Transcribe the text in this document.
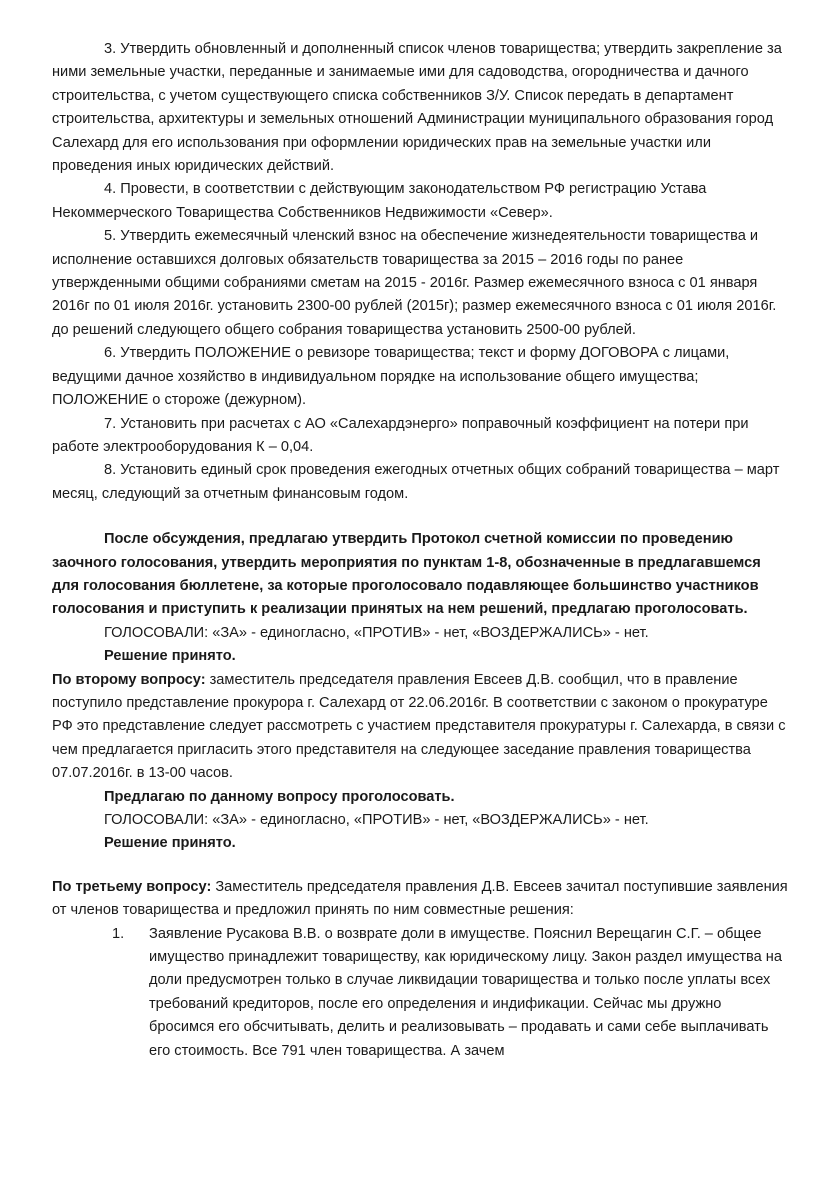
3. Утвердить обновленный и дополненный список членов товарищества; утвердить закрепление за ними земельные участки, переданные и занимаемые ими для садоводства, огородничества и дачного строительства, с учетом существующего списка собственников З/У. Список передать в департамент строительства, архитектуры и земельных отношений Администрации муниципального образования город Салехард для его использования при оформлении юридических прав на земельные участки или проведения иных юридических действий.

4. Провести, в соответствии с действующим законодательством РФ регистрацию Устава Некоммерческого Товарищества Собственников Недвижимости «Север».

5. Утвердить ежемесячный членский взнос на обеспечение жизнедеятельности товарищества и исполнение оставшихся долговых обязательств товарищества за 2015 – 2016 годы по ранее утвержденными общими собраниями сметам на 2015 - 2016г. Размер ежемесячного взноса с 01 января 2016г по 01 июля 2016г. установить 2300-00 рублей (2015г); размер ежемесячного взноса с 01 июля 2016г. до решений следующего общего собрания товарищества установить 2500-00 рублей.

6. Утвердить ПОЛОЖЕНИЕ о ревизоре товарищества; текст и форму ДОГОВОРА с лицами, ведущими дачное хозяйство в индивидуальном порядке на использование общего имущества; ПОЛОЖЕНИЕ о стороже (дежурном).

7. Установить при расчетах с АО «Салехардэнерго» поправочный коэффициент на потери при работе электрооборудования К – 0,04.

8. Установить единый срок проведения ежегодных отчетных общих собраний товарищества – март месяц, следующий за отчетным финансовым годом.

После обсуждения, предлагаю утвердить Протокол счетной комиссии по проведению заочного голосования, утвердить мероприятия по пунктам 1-8, обозначенные в предлагавшемся для голосования бюллетене, за которые проголосовало подавляющее большинство участников голосования и приступить к реализации принятых на нем решений, предлагаю проголосовать.

ГОЛОСОВАЛИ: «ЗА» - единогласно, «ПРОТИВ» - нет, «ВОЗДЕРЖАЛИСЬ» - нет.

Решение принято.

По второму вопросу: заместитель председателя правления Евсеев Д.В. сообщил, что в правление поступило представление прокурора г. Салехард от 22.06.2016г. В соответствии с законом о прокуратуре РФ это представление следует рассмотреть с участием представителя прокуратуры г. Салехарда, в связи с чем предлагается пригласить этого представителя на следующее заседание правления товарищества 07.07.2016г. в 13-00 часов.

Предлагаю по данному вопросу проголосовать.

ГОЛОСОВАЛИ: «ЗА» - единогласно, «ПРОТИВ» - нет, «ВОЗДЕРЖАЛИСЬ» - нет.

Решение принято.

По третьему вопросу: Заместитель председателя правления Д.В. Евсеев зачитал поступившие заявления от членов товарищества и предложил принять по ним совместные решения:

1.	Заявление Русакова В.В. о возврате доли в имуществе. Пояснил Верещагин С.Г. – общее имущество принадлежит товариществу, как юридическому лицу. Закон раздел имущества на доли предусмотрен только в случае ликвидации товарищества и только после уплаты всех требований кредиторов, после его определения и индификации. Сейчас мы дружно бросимся его обсчитывать, делить и реализовывать – продавать и сами себе выплачивать его стоимость. Все 791 член товарищества. А зачем
